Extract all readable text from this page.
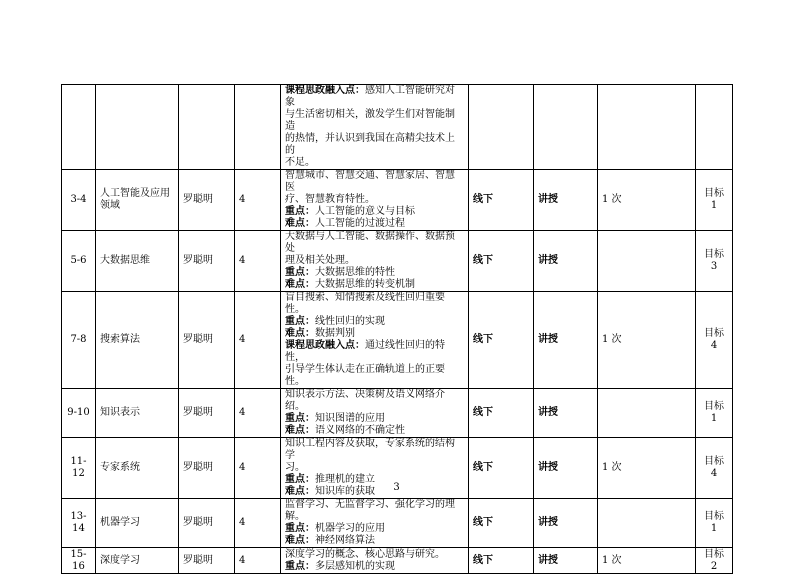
				课程思政融入点：感知人工智能研究对象
与生活密切相关，激发学生们对智能制造
的热情，并认识到我国在高精尖技术上的
不足。				

3-4	人工智能及应用领域	罗聪明	4	智慧城市、智慧交通、智慧家居、智慧医
疗、智慧教育特性。
重点：人工智能的意义与目标
难点：人工智能的过渡过程	线下	讲授	1 次	目标 1
5-6	大数据思维	罗聪明	4	大数据与人工智能、数据操作、数据预处
理及相关处理。
重点：大数据思维的特性
难点：大数据思维的转变机制	线下	讲授		目标 3
7-8	搜索算法	罗聪明	4	盲目搜索、知情搜索及线性回归重要性。
重点：线性回归的实现
难点：数据判别
课程思政融入点：通过线性回归的特性，
引导学生体认走在正确轨道上的正要性。	线下	讲授	1 次	目标 4
9-10	知识表示	罗聪明	4	知识表示方法、决策树及语义网络介绍。
重点：知识图谱的应用
难点：语义网络的不确定性	线下	讲授		目标 1
11-12	专家系统	罗聪明	4	知识工程内容及获取，专家系统的结构学
习。
重点：推理机的建立
难点：知识库的获取	线下	讲授	1 次	目标 4
13-14	机器学习	罗聪明	4	监督学习、无监督学习、强化学习的理解。
重点：机器学习的应用
难点：神经网络算法	线下	讲授		目标 1
15-16	深度学习	罗聪明	4	深度学习的概念、核心思路与研究。
重点：多层感知机的实现	线下	讲授	1 次	目标 2
3
